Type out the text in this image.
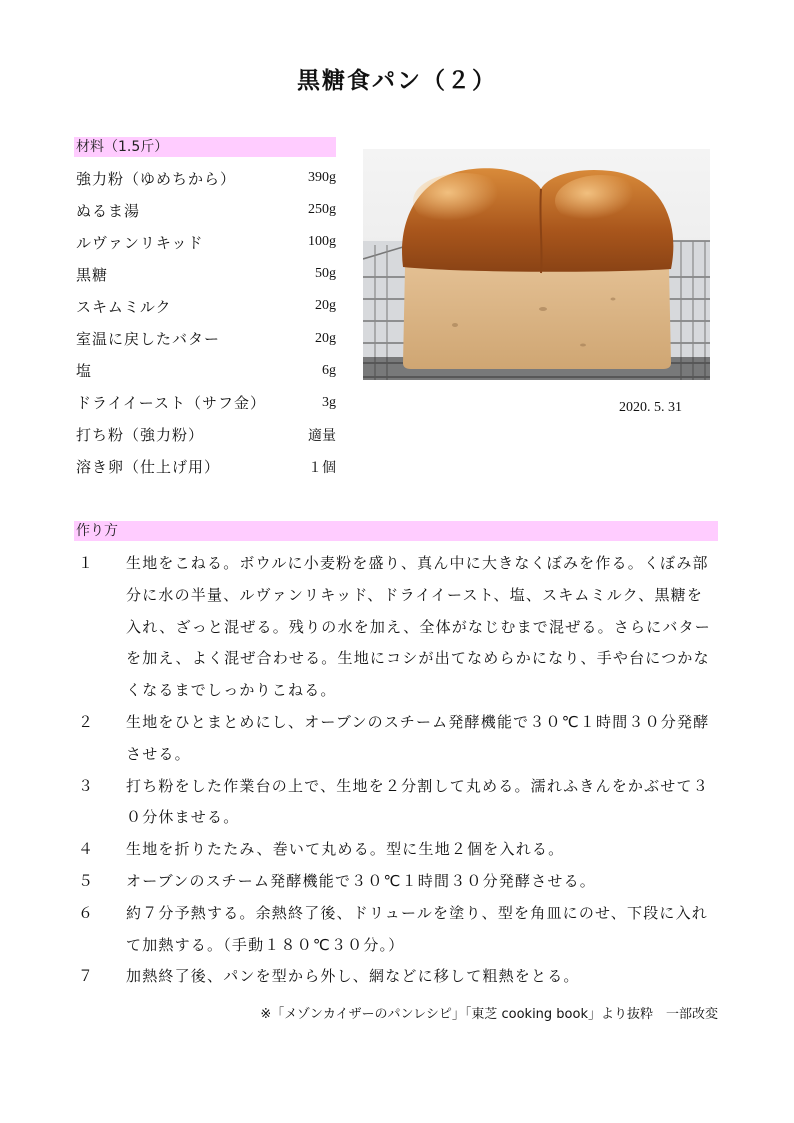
黒糖食パン（２）
材料（1.5斤）
強力粉（ゆめちから）	390g
ぬるま湯	250g
ルヴァンリキッド	100g
黒糖	50g
スキムミルク	20g
室温に戻したバター	20g
塩	6g
ドライイースト（サフ金）	3g
打ち粉（強力粉）	適量
溶き卵（仕上げ用）	１個
2020. 5. 31
作り方
１	生地をこねる。ボウルに小麦粉を盛り、真ん中に大きなくぼみを作る。くぼみ部分に水の半量、ルヴァンリキッド、ドライイースト、塩、スキムミルク、黒糖を入れ、ざっと混ぜる。残りの水を加え、全体がなじむまで混ぜる。さらにバターを加え、よく混ぜ合わせる。生地にコシが出てなめらかになり、手や台につかなくなるまでしっかりこねる。
２	生地をひとまとめにし、オーブンのスチーム発酵機能で３０℃１時間３０分発酵させる。
３	打ち粉をした作業台の上で、生地を２分割して丸める。濡れふきんをかぶせて３０分休ませる。
４	生地を折りたたみ、巻いて丸める。型に生地２個を入れる。
５	オーブンのスチーム発酵機能で３０℃１時間３０分発酵させる。
６	約７分予熱する。余熱終了後、ドリュールを塗り、型を角皿にのせ、下段に入れて加熱する。（手動１８０℃３０分。）
７	加熱終了後、パンを型から外し、網などに移して粗熱をとる。
※「メゾンカイザーのパンレシピ」「東芝 cooking book」より抜粋　一部改変
